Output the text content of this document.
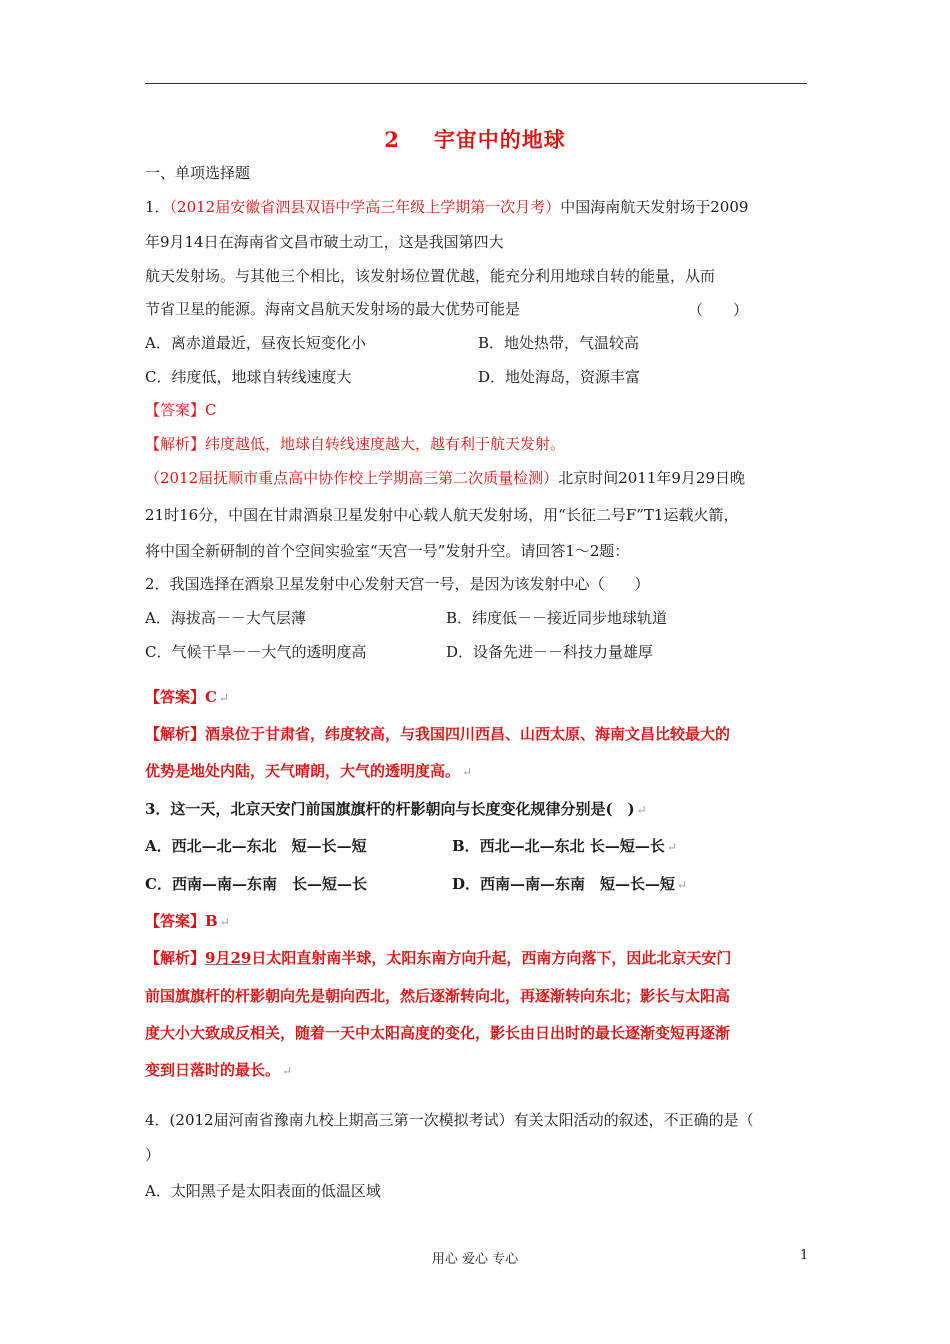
2 宇宙中的地球
一、单项选择题
1．（2012届安徽省泗县双语中学高三年级上学期第一次月考）中国海南航天发射场于2009
年9月14日在海南省文昌市破土动工，这是我国第四大
航天发射场。与其他三个相比，该发射场位置优越，能充分利用地球自转的能量，从而
节省卫星的能源。海南文昌航天发射场的最大优势可能是	（　　）
A．离赤道最近，昼夜长短变化小	B．地处热带，气温较高
C．纬度低，地球自转线速度大	D．地处海岛，资源丰富
【答案】C
【解析】纬度越低，地球自转线速度越大，越有利于航天发射。
（2012届抚顺市重点高中协作校上学期高三第二次质量检测）北京时间2011年9月29日晚
21时16分，中国在甘肃酒泉卫星发射中心载人航天发射场，用“长征二号F”T1运载火箭，
将中国全新研制的首个空间实验室“天宫一号”发射升空。请回答1～2题：
2．我国选择在酒泉卫星发射中心发射天宫一号，是因为该发射中心（　　）
A．海拔高－－大气层薄	B．纬度低－－接近同步地球轨道
C．气候干旱－－大气的透明度高	D．设备先进－－科技力量雄厚
【答案】C ↵
【解析】酒泉位于甘肃省，纬度较高，与我国四川西昌、山西太原、海南文昌比较最大的
优势是地处内陆，天气晴朗，大气的透明度高。 ↵
3．这一天，北京天安门前国旗旗杆的杆影朝向与长度变化规律分别是(　) ↵
A．西北—北—东北　短—长—短	B．西北—北—东北 长—短—长 ↵
C．西南—南—东南　长—短—长	D．西南—南—东南　短—长—短 ↵
【答案】B ↵
【解析】9月29日太阳直射南半球，太阳东南方向升起，西南方向落下，因此北京天安门
前国旗旗杆的杆影朝向先是朝向西北，然后逐渐转向北，再逐渐转向东北；影长与太阳高
度大小大致成反相关，随着一天中太阳高度的变化，影长由日出时的最长逐渐变短再逐渐
变到日落时的最长。 ↵
4．(2012届河南省豫南九校上期高三第一次模拟考试）有关太阳活动的叙述，不正确的是（
）
A．太阳黑子是太阳表面的低温区域
用心 爱心 专心	1
